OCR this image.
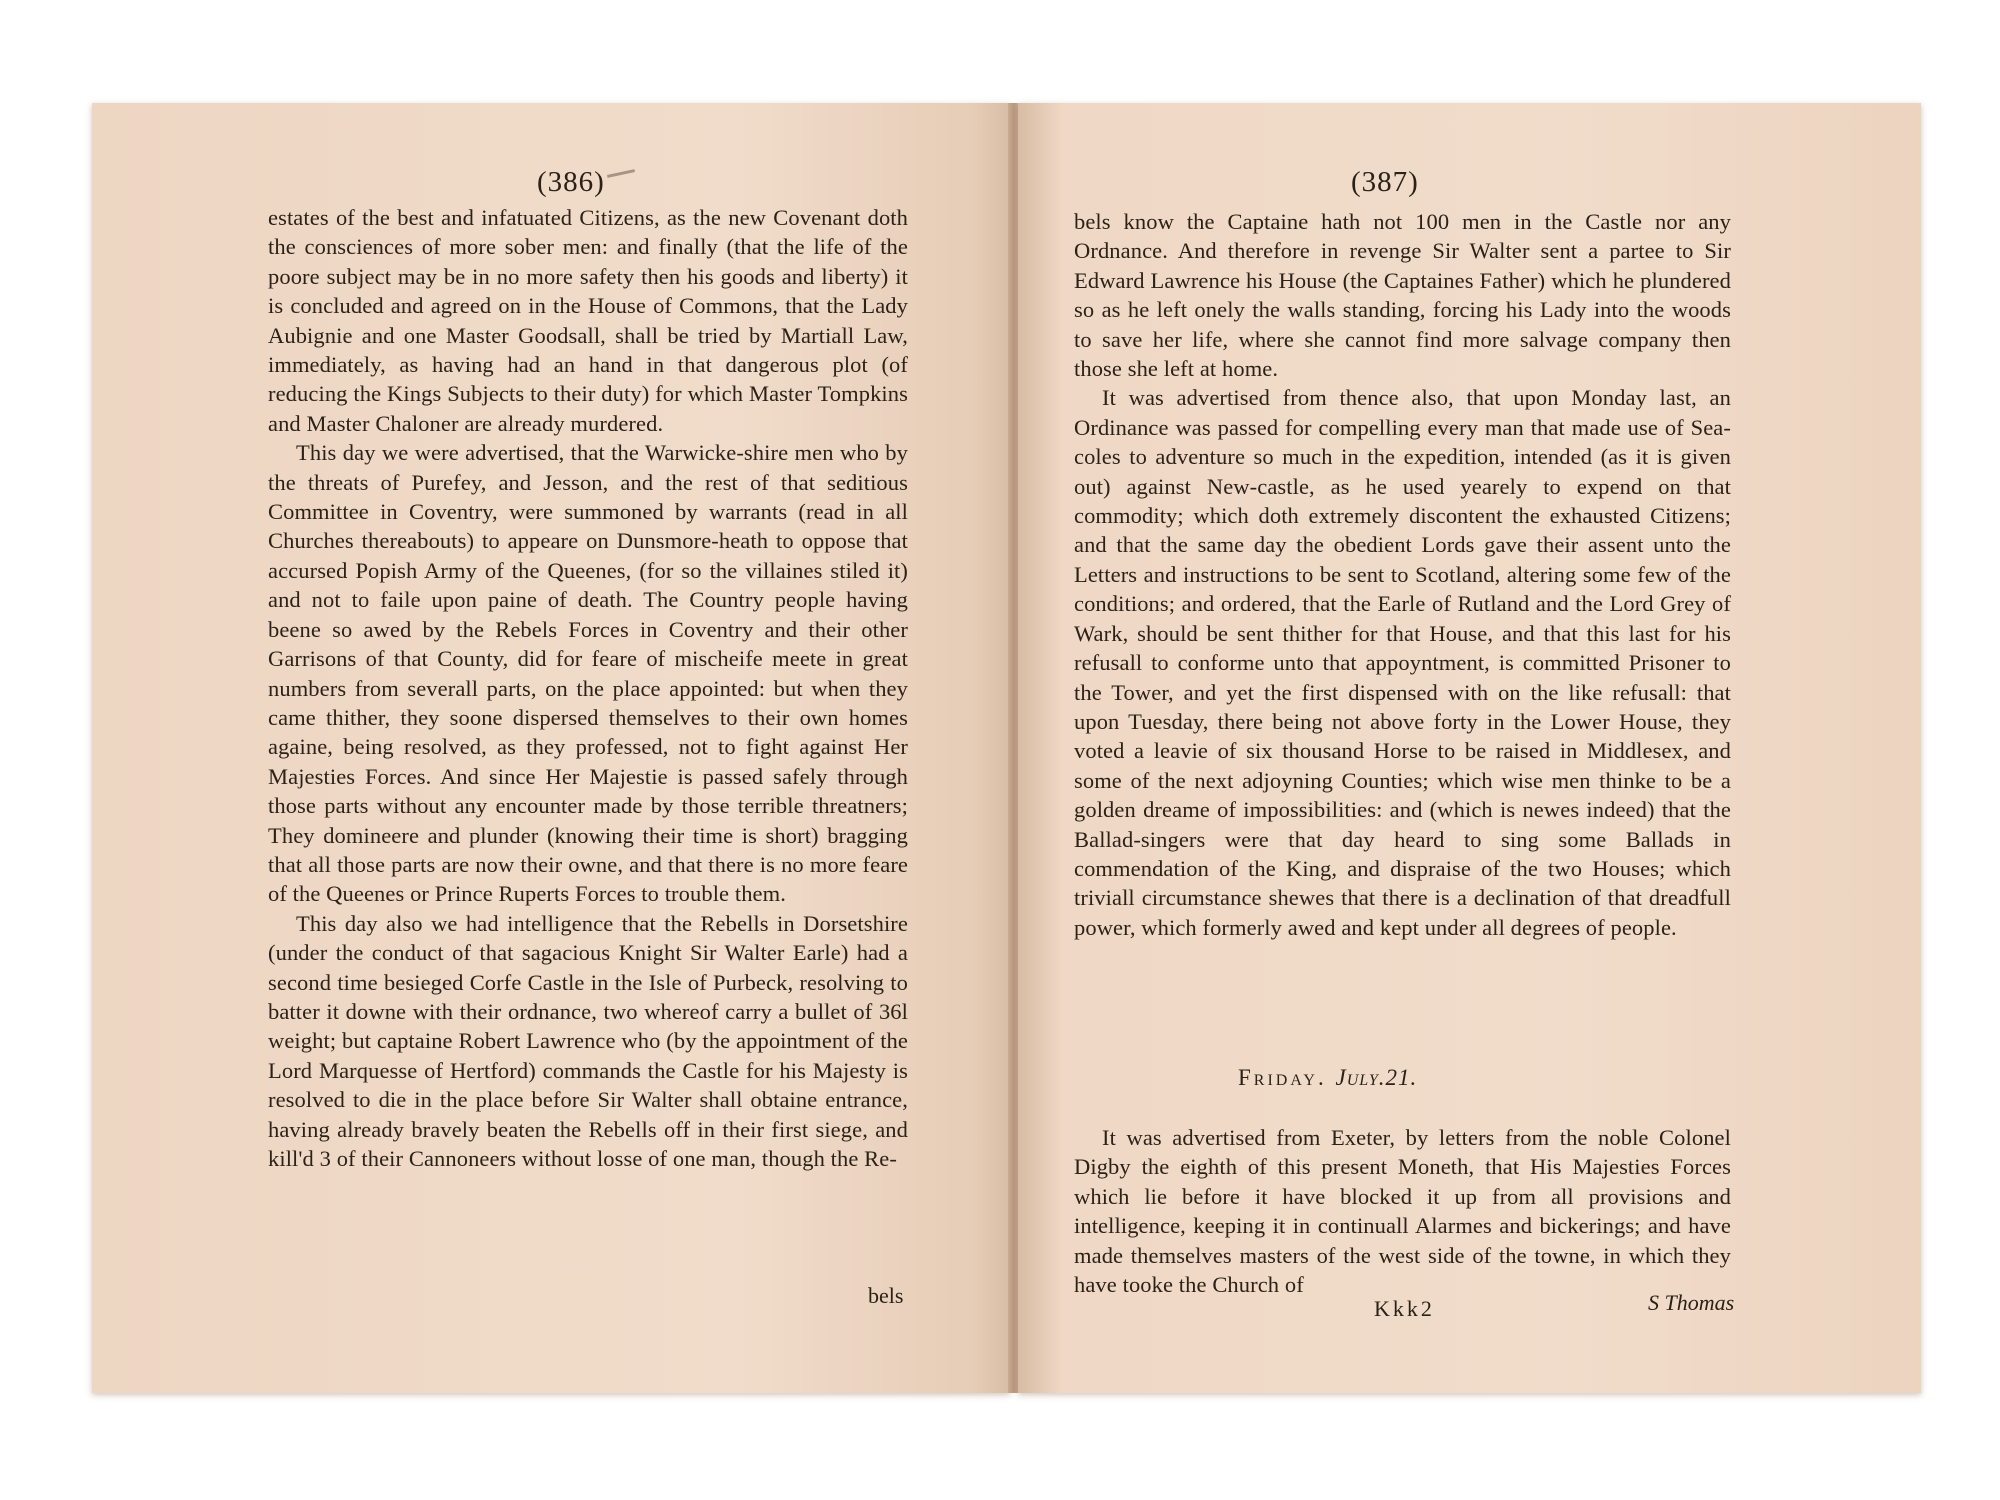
(386)

estates of the best and infatuated Citizens, as the new Covenant doth the consciences of more sober men: and finally (that the life of the poore subject may be in no more safety then his goods and liberty) it is concluded and agreed on in the House of Commons, that the Lady Aubignie and one Master Goodsall, shall be tried by Martiall Law, immediately, as having had an hand in that dangerous plot (of reducing the Kings Subjects to their duty) for which Master Tompkins and Master Chaloner are already murdered.

This day we were advertised, that the Warwicke-shire men who by the threats of Purefey, and Jesson, and the rest of that seditious Committee in Coventry, were summoned by warrants (read in all Churches thereabouts) to appeare on Dunsmore-heath to oppose that accursed Popish Army of the Queenes, (for so the villaines stiled it) and not to faile upon paine of death. The Country people having beene so awed by the Rebels Forces in Coventry and their other Garrisons of that County, did for feare of mischeife meete in great numbers from severall parts, on the place appointed: but when they came thither, they soone dispersed themselves to their own homes againe, being resolved, as they professed, not to fight against Her Majesties Forces. And since Her Majestie is passed safely through those parts without any encounter made by those terrible threatners; They domineere and plunder (knowing their time is short) bragging that all those parts are now their owne, and that there is no more feare of the Queenes or Prince Ruperts Forces to trouble them.

This day also we had intelligence that the Rebells in Dorsetshire (under the conduct of that sagacious Knight Sir Walter Earle) had a second time besieged Corfe Castle in the Isle of Purbeck, resolving to batter it downe with their ordnance, two whereof carry a bullet of 36l weight; but captaine Robert Lawrence who (by the appointment of the Lord Marquesse of Hertford) commands the Castle for his Majesty is resolved to die in the place before Sir Walter shall obtaine entrance, having already bravely beaten the Rebells off in their first siege, and kill'd 3 of their Cannoneers without losse of one man, though the Re-

bels
(387)

bels know the Captaine hath not 100 men in the Castle nor any Ordnance. And therefore in revenge Sir Walter sent a partee to Sir Edward Lawrence his House (the Captaines Father) which he plundered so as he left onely the walls standing, forcing his Lady into the woods to save her life, where she cannot find more salvage company then those she left at home.

It was advertised from thence also, that upon Monday last, an Ordinance was passed for compelling every man that made use of Sea-coles to adventure so much in the expedition, intended (as it is given out) against New-castle, as he used yearely to expend on that commodity; which doth extremely discontent the exhausted Citizens; and that the same day the obedient Lords gave their assent unto the Letters and instructions to be sent to Scotland, altering some few of the conditions; and ordered, that the Earle of Rutland and the Lord Grey of Wark, should be sent thither for that House, and that this last for his refusall to conforme unto that appoyntment, is committed Prisoner to the Tower, and yet the first dispensed with on the like refusall: that upon Tuesday, there being not above forty in the Lower House, they voted a leavie of six thousand Horse to be raised in Middlesex, and some of the next adjoyning Counties; which wise men thinke to be a golden dreame of impossibilities: and (which is newes indeed) that the Ballad-singers were that day heard to sing some Ballads in commendation of the King, and dispraise of the two Houses; which triviall circumstance shewes that there is a declination of that dreadfull power, which formerly awed and kept under all degrees of people.

Friday. July.21.

It was advertised from Exeter, by letters from the noble Colonel Digby the eighth of this present Moneth, that His Majesties Forces which lie before it have blocked it up from all provisions and intelligence, keeping it in continuall Alarmes and bickerings; and have made themselves masters of the west side of the towne, in which they have tooke the Church of

Kkk2	S Thomas
